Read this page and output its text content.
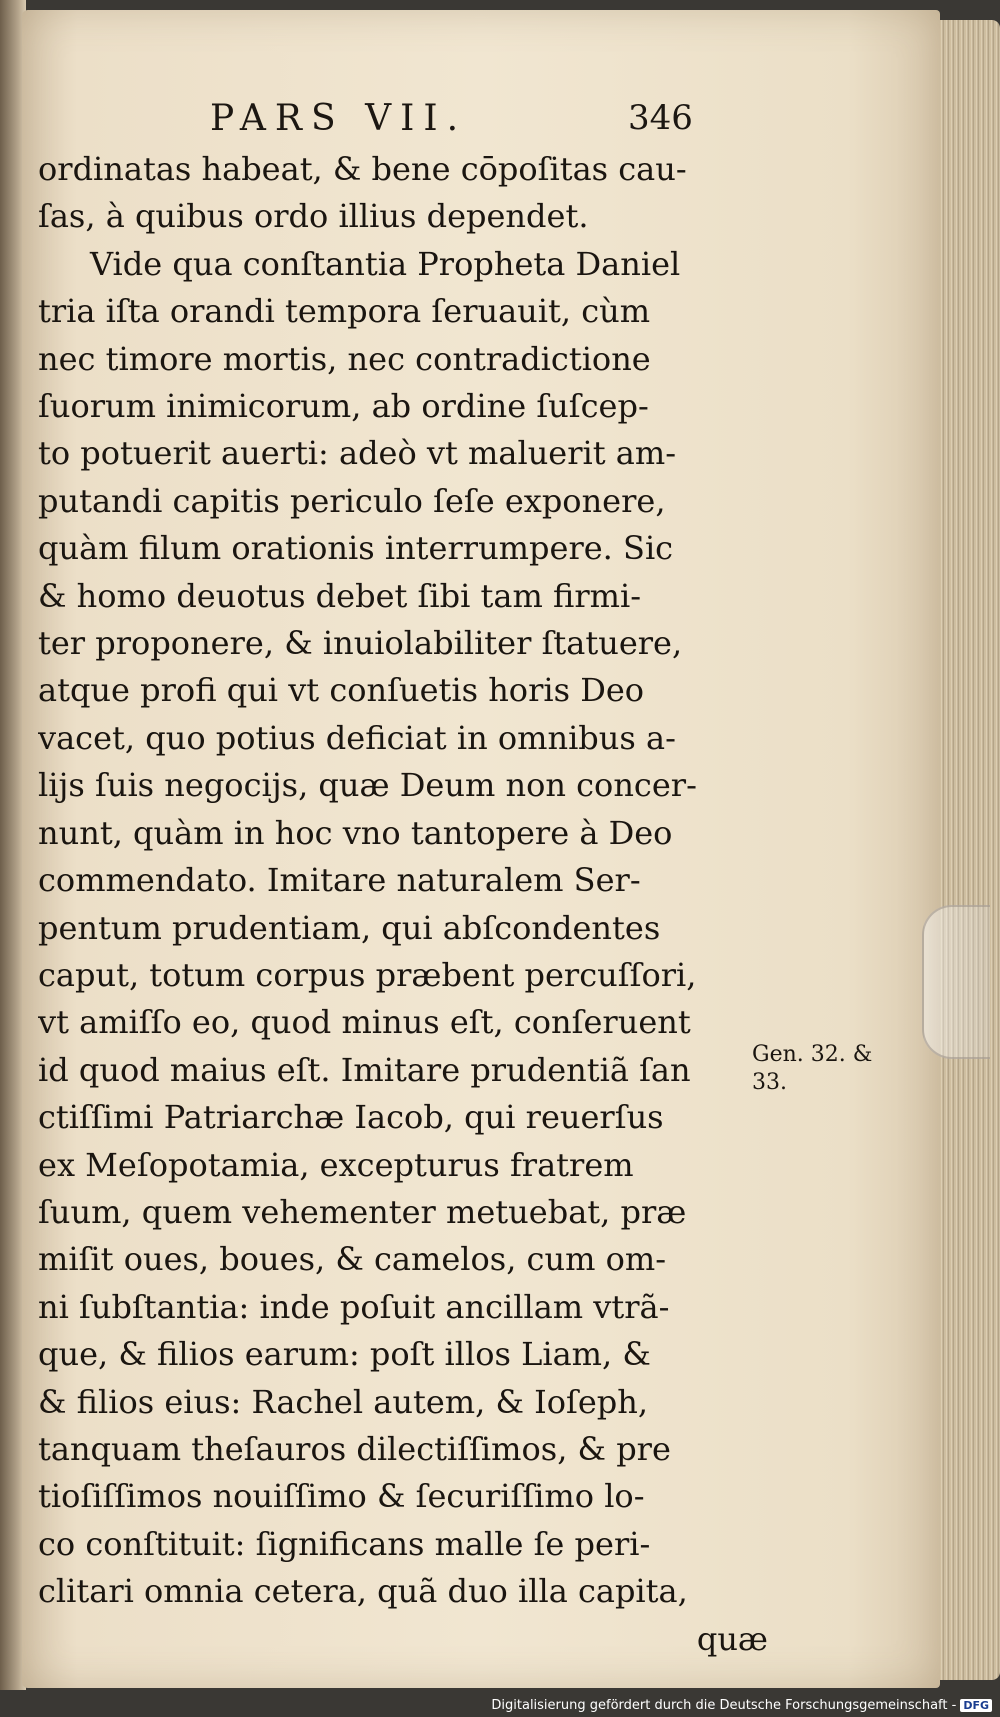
PARS VII.	346
ordinatas habeat, & bene cōpoſitas cau-
ſas, à quibus ordo illius dependet.
Vide qua conſtantia Propheta Daniel
tria iſta orandi tempora ſeruauit, cùm
nec timore mortis, nec contradictione
ſuorum inimicorum, ab ordine ſuſcep-
to potuerit auerti: adeò vt maluerit am-
putandi capitis periculo ſeſe exponere,
quàm filum orationis interrumpere. Sic
& homo deuotus debet ſibi tam firmi-
ter proponere, & inuiolabiliter ſtatuere,
atque profi qui vt conſuetis horis Deo
vacet, quo potius deficiat in omnibus a-
lijs ſuis negocijs, quæ Deum non concer-
nunt, quàm in hoc vno tantopere à Deo
commendato. Imitare naturalem Ser-
pentum prudentiam, qui abſcondentes
caput, totum corpus præbent percuſſori,
vt amiſſo eo, quod minus eſt, conſeruent
id quod maius eſt. Imitare prudentiã ſan
ctiſſimi Patriarchæ Iacob, qui reuerſus
ex Meſopotamia, excepturus fratrem
ſuum, quem vehementer metuebat, præ
miſit oues, boues, & camelos, cum om-
ni ſubſtantia: inde poſuit ancillam vtrã-
que, & filios earum: poſt illos Liam, &
& filios eius: Rachel autem, & Ioſeph,
tanquam theſauros dilectiſſimos, & pre
tioſiſſimos nouiſſimo & ſecuriſſimo lo-
co conſtituit: ſignificans malle ſe peri-
clitari omnia cetera, quã duo illa capita,
quæ
Gen. 32. &
33.
Digitalisierung gefördert durch die Deutsche Forschungsgemeinschaft - DFG
